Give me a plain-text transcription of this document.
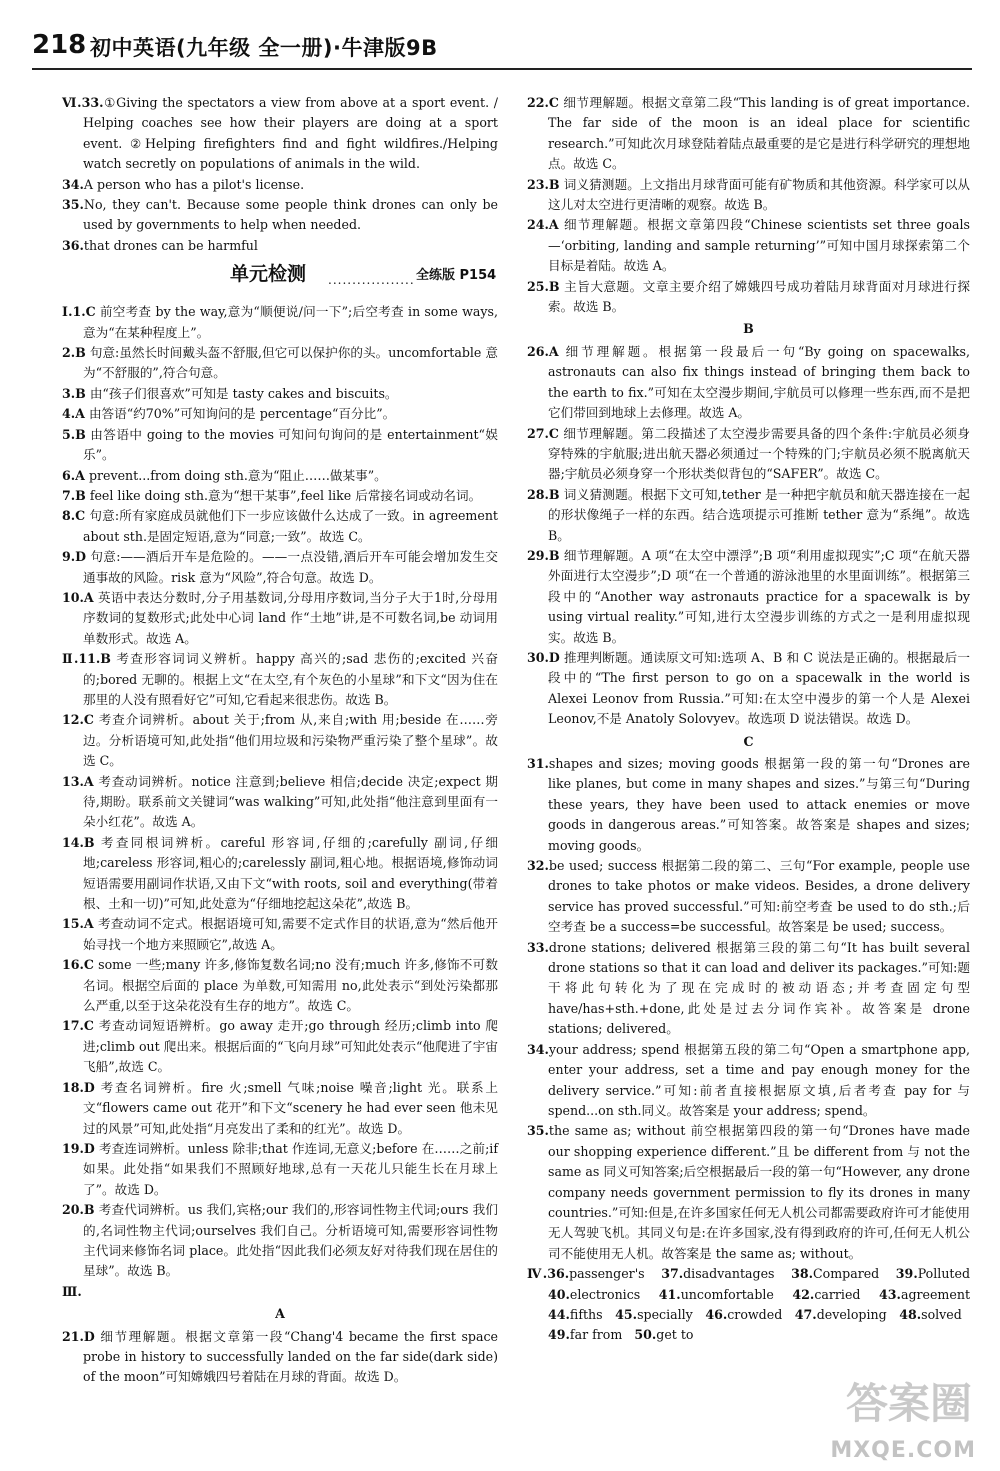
218 初中英语(九年级 全一册)·牛津版9B
Ⅵ.33.①Giving the spectators a view from above at a sport event. / Helping coaches see how their players are doing at a sport event. ②Helping firefighters find and fight wildfires./Helping watch secretly on populations of animals in the wild.
34.A person who has a pilot's license.
35.No, they can't. Because some people think drones can only be used by governments to help when needed.
36.that drones can be harmful
单元检测 .................. 全练版 P154
Ⅰ.1.C 前空考查 by the way,意为“顺便说/问一下”;后空考查 in some ways,意为“在某种程度上”。
2.B 句意:虽然长时间戴头盔不舒服,但它可以保护你的头。uncomfortable 意为“不舒服的”,符合句意。
3.B 由“孩子们很喜欢”可知是 tasty cakes and biscuits。
4.A 由答语“约70%”可知询问的是 percentage“百分比”。
5.B 由答语中 going to the movies 可知问句询问的是 entertainment“娱乐”。
6.A prevent...from doing sth.意为“阻止……做某事”。
7.B feel like doing sth.意为“想干某事”,feel like 后常接名词或动名词。
8.C 句意:所有家庭成员就他们下一步应该做什么达成了一致。in agreement about sth.是固定短语,意为“同意;一致”。故选 C。
9.D 句意:——酒后开车是危险的。——一点没错,酒后开车可能会增加发生交通事故的风险。risk 意为“风险”,符合句意。故选 D。
10.A 英语中表达分数时,分子用基数词,分母用序数词,当分子大于1时,分母用序数词的复数形式;此处中心词 land 作“土地”讲,是不可数名词,be 动词用单数形式。故选 A。
Ⅱ.11.B 考查形容词词义辨析。happy 高兴的;sad 悲伤的;excited 兴奋的;bored 无聊的。根据上文“在太空,有个灰色的小星球”和下文“因为住在那里的人没有照看好它”可知,它看起来很悲伤。故选 B。
12.C 考查介词辨析。about 关于;from 从,来自;with 用;beside 在……旁边。分析语境可知,此处指“他们用垃圾和污染物严重污染了整个星球”。故选 C。
13.A 考查动词辨析。notice 注意到;believe 相信;decide 决定;expect 期待,期盼。联系前文关键词“was walking”可知,此处指“他注意到里面有一朵小红花”。故选 A。
14.B 考查同根词辨析。careful 形容词,仔细的;carefully 副词,仔细地;careless 形容词,粗心的;carelessly 副词,粗心地。根据语境,修饰动词短语需要用副词作状语,又由下文“with roots, soil and everything(带着根、土和一切)”可知,此处意为“仔细地挖起这朵花”,故选 B。
15.A 考查动词不定式。根据语境可知,需要不定式作目的状语,意为“然后他开始寻找一个地方来照顾它”,故选 A。
16.C some 一些;many 许多,修饰复数名词;no 没有;much 许多,修饰不可数名词。根据空后面的 place 为单数,可知需用 no,此处表示“到处污染都那么严重,以至于这朵花没有生存的地方”。故选 C。
17.C 考查动词短语辨析。go away 走开;go through 经历;climb into 爬进;climb out 爬出来。根据后面的“飞向月球”可知此处表示“他爬进了宇宙飞船”,故选 C。
18.D 考查名词辨析。fire 火;smell 气味;noise 噪音;light 光。联系上文“flowers came out 花开”和下文“scenery he had ever seen 他未见过的风景”可知,此处指“月亮发出了柔和的红光”。故选 D。
19.D 考查连词辨析。unless 除非;that 作连词,无意义;before 在……之前;if 如果。此处指“如果我们不照顾好地球,总有一天花儿只能生长在月球上了”。故选 D。
20.B 考查代词辨析。us 我们,宾格;our 我们的,形容词性物主代词;ours 我们的,名词性物主代词;ourselves 我们自己。分析语境可知,需要形容词性物主代词来修饰名词 place。此处指“因此我们必须友好对待我们现在居住的星球”。故选 B。
Ⅲ.
A
21.D 细节理解题。根据文章第一段“Chang'4 became the first space probe in history to successfully landed on the far side(dark side) of the moon”可知嫦娥四号着陆在月球的背面。故选 D。
22.C 细节理解题。根据文章第二段“This landing is of great importance. The far side of the moon is an ideal place for scientific research.”可知此次月球登陆着陆点最重要的是它是进行科学研究的理想地点。故选 C。
23.B 词义猜测题。上文指出月球背面可能有矿物质和其他资源。科学家可以从这儿对太空进行更清晰的观察。故选 B。
24.A 细节理解题。根据文章第四段“Chinese scientists set three goals—‘orbiting, landing and sample returning’”可知中国月球探索第二个目标是着陆。故选 A。
25.B 主旨大意题。文章主要介绍了嫦娥四号成功着陆月球背面对月球进行探索。故选 B。
B
26.A 细节理解题。根据第一段最后一句“By going on spacewalks, astronauts can also fix things instead of bringing them back to the earth to fix.”可知在太空漫步期间,宇航员可以修理一些东西,而不是把它们带回到地球上去修理。故选 A。
27.C 细节理解题。第二段描述了太空漫步需要具备的四个条件:宇航员必须身穿特殊的宇航服;进出航天器必须通过一个特殊的门;宇航员必须不脱离航天器;宇航员必须身穿一个形状类似背包的“SAFER”。故选 C。
28.B 词义猜测题。根据下文可知,tether 是一种把宇航员和航天器连接在一起的形状像绳子一样的东西。结合选项提示可推断 tether 意为“系绳”。故选 B。
29.B 细节理解题。A 项“在太空中漂浮”;B 项“利用虚拟现实”;C 项“在航天器外面进行太空漫步”;D 项“在一个普通的游泳池里的水里面训练”。根据第三段中的“Another way astronauts practice for a spacewalk is by using virtual reality.”可知,进行太空漫步训练的方式之一是利用虚拟现实。故选 B。
30.D 推理判断题。通读原文可知:选项 A、B 和 C 说法是正确的。根据最后一段中的“The first person to go on a spacewalk in the world is Alexei Leonov from Russia.”可知:在太空中漫步的第一个人是 Alexei Leonov,不是 Anatoly Solovyev。故选项 D 说法错误。故选 D。
C
31.shapes and sizes; moving goods 根据第一段的第一句“Drones are like planes, but come in many shapes and sizes.”与第三句“During these years, they have been used to attack enemies or move goods in dangerous areas.”可知答案。故答案是 shapes and sizes; moving goods。
32.be used; success 根据第二段的第二、三句“For example, people use drones to take photos or make videos. Besides, a drone delivery service has proved successful.”可知:前空考查 be used to do sth.;后空考查 be a success=be successful。故答案是 be used; success。
33.drone stations; delivered 根据第三段的第二句“It has built several drone stations so that it can load and deliver its packages.”可知:题干将此句转化为了现在完成时的被动语态;并考查固定句型 have/has+sth.+done,此处是过去分词作宾补。故答案是 drone stations; delivered。
34.your address; spend 根据第五段的第二句“Open a smartphone app, enter your address, set a time and pay enough money for the delivery service.”可知:前者直接根据原文填,后者考查 pay for 与 spend...on sth.同义。故答案是 your address; spend。
35.the same as; without 前空根据第四段的第一句“Drones have made our shopping experience different.”且 be different from 与 not the same as 同义可知答案;后空根据最后一段的第一句“However, any drone company needs government permission to fly its drones in many countries.”可知:但是,在许多国家任何无人机公司都需要政府许可才能使用无人驾驶飞机。其同义句是:在许多国家,没有得到政府的许可,任何无人机公司不能使用无人机。故答案是 the same as; without。
Ⅳ.36.passenger's 37.disadvantages 38.Compared 39.Polluted 40.electronics 41.uncomfortable 42.carried 43.agreement 44.fifths 45.specially 46.crowded 47.developing 48.solved   49.far from 50.get to
答案圈
MXQE.COM
